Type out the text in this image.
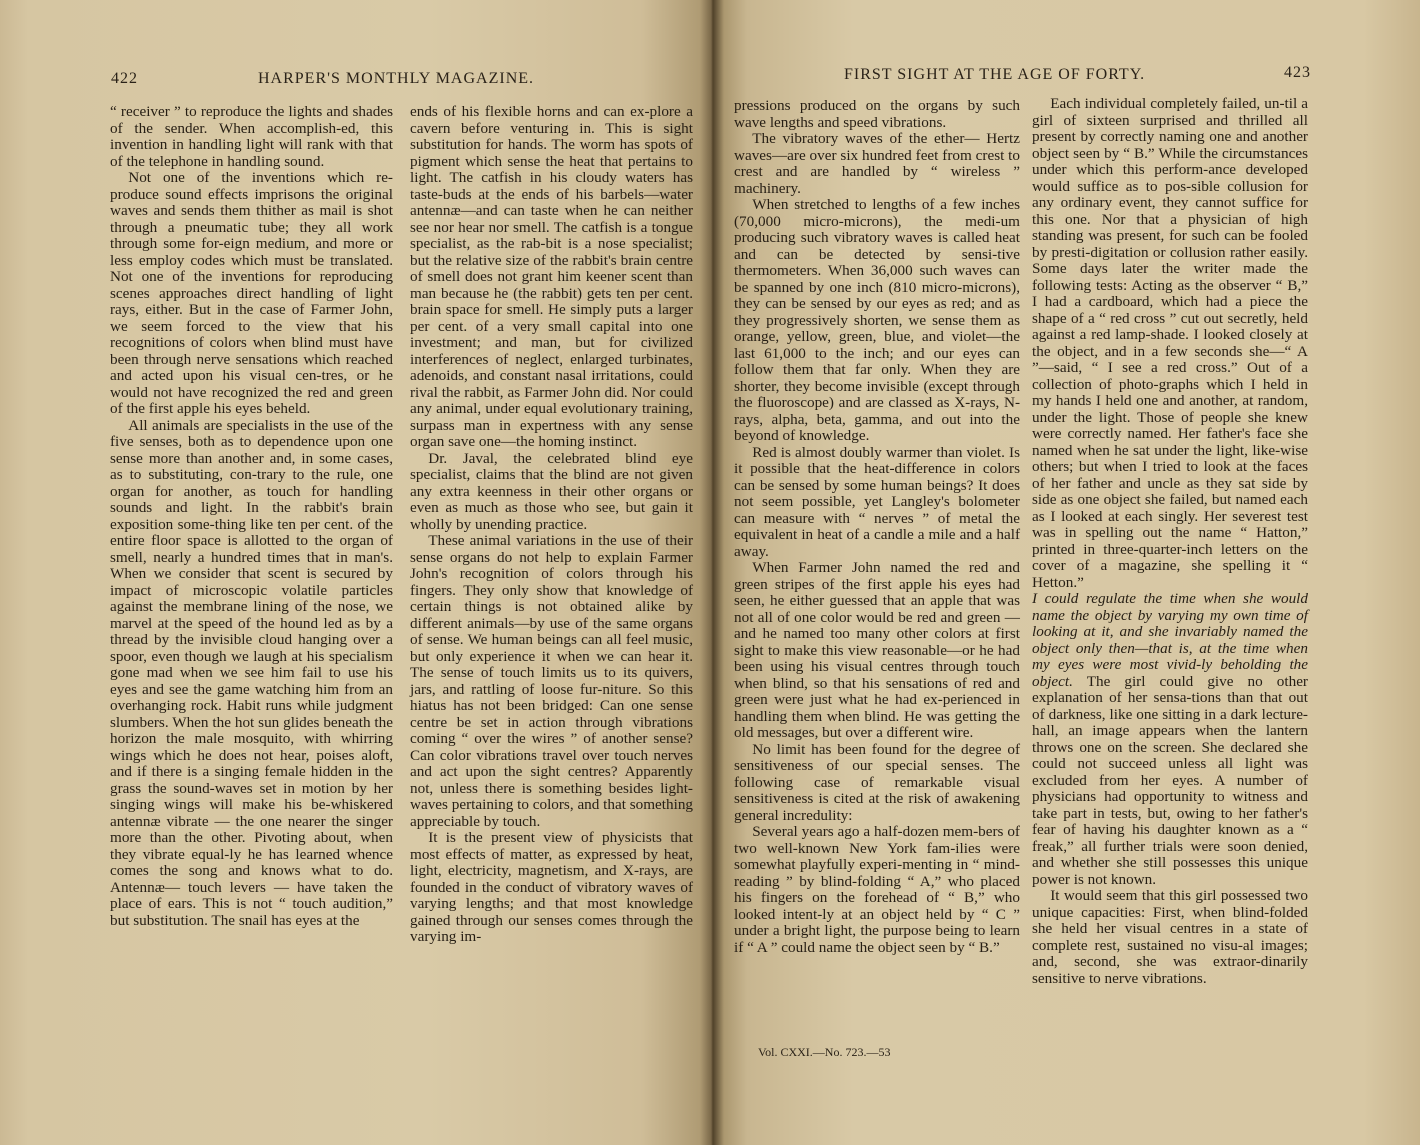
422	HARPER'S MONTHLY MAGAZINE.

“ receiver ” to reproduce the lights and shades of the sender. When accomplish-ed, this invention in handling light will rank with that of the telephone in handling sound.

Not one of the inventions which re-produce sound effects imprisons the original waves and sends them thither as mail is shot through a pneumatic tube; they all work through some for-eign medium, and more or less employ codes which must be translated. Not one of the inventions for reproducing scenes approaches direct handling of light rays, either. But in the case of Farmer John, we seem forced to the view that his recognitions of colors when blind must have been through nerve sensations which reached and acted upon his visual cen-tres, or he would not have recognized the red and green of the first apple his eyes beheld.

All animals are specialists in the use of the five senses, both as to dependence upon one sense more than another and, in some cases, as to substituting, con-trary to the rule, one organ for another, as touch for handling sounds and light. In the rabbit's brain exposition some-thing like ten per cent. of the entire floor space is allotted to the organ of smell, nearly a hundred times that in man's. When we consider that scent is secured by impact of microscopic volatile particles against the membrane lining of the nose, we marvel at the speed of the hound led as by a thread by the invisible cloud hanging over a spoor, even though we laugh at his specialism gone mad when we see him fail to use his eyes and see the game watching him from an overhanging rock. Habit runs while judgment slumbers. When the hot sun glides beneath the horizon the male mosquito, with whirring wings which he does not hear, poises aloft, and if there is a singing female hidden in the grass the sound-waves set in motion by her singing wings will make his be-whiskered antennæ vibrate — the one nearer the singer more than the other. Pivoting about, when they vibrate equal-ly he has learned whence comes the song and knows what to do. Antennæ— touch levers — have taken the place of ears. This is not “ touch audition,” but substitution. The snail has eyes at the

ends of his flexible horns and can ex-plore a cavern before venturing in. This is sight substitution for hands. The worm has spots of pigment which sense the heat that pertains to light. The catfish in his cloudy waters has taste-buds at the ends of his barbels—water antennæ—and can taste when he can neither see nor hear nor smell. The catfish is a tongue specialist, as the rab-bit is a nose specialist; but the relative size of the rabbit's brain centre of smell does not grant him keener scent than man because he (the rabbit) gets ten per cent. brain space for smell. He simply puts a larger per cent. of a very small capital into one investment; and man, but for civilized interferences of neglect, enlarged turbinates, adenoids, and constant nasal irritations, could rival the rabbit, as Farmer John did. Nor could any animal, under equal evolutionary training, surpass man in expertness with any sense organ save one—the homing instinct.

Dr. Javal, the celebrated blind eye specialist, claims that the blind are not given any extra keenness in their other organs or even as much as those who see, but gain it wholly by unending practice.

These animal variations in the use of their sense organs do not help to explain Farmer John's recognition of colors through his fingers. They only show that knowledge of certain things is not obtained alike by different animals—by use of the same organs of sense. We human beings can all feel music, but only experience it when we can hear it. The sense of touch limits us to its quivers, jars, and rattling of loose fur-niture. So this hiatus has not been bridged: Can one sense centre be set in action through vibrations coming “ over the wires ” of another sense? Can color vibrations travel over touch nerves and act upon the sight centres? Apparently not, unless there is something besides light-waves pertaining to colors, and that something appreciable by touch.

It is the present view of physicists that most effects of matter, as expressed by heat, light, electricity, magnetism, and X-rays, are founded in the conduct of vibratory waves of varying lengths; and that most knowledge gained through our senses comes through the varying im-

FIRST SIGHT AT THE AGE OF FORTY.	423

pressions produced on the organs by such wave lengths and speed vibrations.

The vibratory waves of the ether— Hertz waves—are over six hundred feet from crest to crest and are handled by “ wireless ” machinery.

When stretched to lengths of a few inches (70,000 micro-microns), the medi-um producing such vibratory waves is called heat and can be detected by sensi-tive thermometers. When 36,000 such waves can be spanned by one inch (810 micro-microns), they can be sensed by our eyes as red; and as they progressively shorten, we sense them as orange, yellow, green, blue, and violet—the last 61,000 to the inch; and our eyes can follow them that far only. When they are shorter, they become invisible (except through the fluoroscope) and are classed as X-rays, N-rays, alpha, beta, gamma, and out into the beyond of knowledge.

Red is almost doubly warmer than violet. Is it possible that the heat-difference in colors can be sensed by some human beings? It does not seem possible, yet Langley's bolometer can measure with “ nerves ” of metal the equivalent in heat of a candle a mile and a half away.

When Farmer John named the red and green stripes of the first apple his eyes had seen, he either guessed that an apple that was not all of one color would be red and green — and he named too many other colors at first sight to make this view reasonable—or he had been using his visual centres through touch when blind, so that his sensations of red and green were just what he had ex-perienced in handling them when blind. He was getting the old messages, but over a different wire.

No limit has been found for the degree of sensitiveness of our special senses. The following case of remarkable visual sensitiveness is cited at the risk of awakening general incredulity:

Several years ago a half-dozen mem-bers of two well-known New York fam-ilies were somewhat playfully experi-menting in “ mind-reading ” by blind-folding “ A,” who placed his fingers on the forehead of “ B,” who looked intent-ly at an object held by “ C ” under a bright light, the purpose being to learn if “ A ” could name the object seen by “ B.”

Each individual completely failed, un-til a girl of sixteen surprised and thrilled all present by correctly naming one and another object seen by “ B.” While the circumstances under which this perform-ance developed would suffice as to pos-sible collusion for any ordinary event, they cannot suffice for this one. Nor that a physician of high standing was present, for such can be fooled by presti-digitation or collusion rather easily. Some days later the writer made the following tests: Acting as the observer “ B,” I had a cardboard, which had a piece the shape of a “ red cross ” cut out secretly, held against a red lamp-shade. I looked closely at the object, and in a few seconds she—“ A ”—said, “ I see a red cross.” Out of a collection of photo-graphs which I held in my hands I held one and another, at random, under the light. Those of people she knew were correctly named. Her father's face she named when he sat under the light, like-wise others; but when I tried to look at the faces of her father and uncle as they sat side by side as one object she failed, but named each as I looked at each singly. Her severest test was in spelling out the name “ Hatton,” printed in three-quarter-inch letters on the cover of a magazine, she spelling it “ Hetton.”

I could regulate the time when she would name the object by varying my own time of looking at it, and she invariably named the object only then—that is, at the time when my eyes were most vivid-ly beholding the object. The girl could give no other explanation of her sensa-tions than that out of darkness, like one sitting in a dark lecture-hall, an image appears when the lantern throws one on the screen. She declared she could not succeed unless all light was excluded from her eyes. A number of physicians had opportunity to witness and take part in tests, but, owing to her father's fear of having his daughter known as a “ freak,” all further trials were soon denied, and whether she still possesses this unique power is not known.

It would seem that this girl possessed two unique capacities: First, when blind-folded she held her visual centres in a state of complete rest, sustained no visu-al images; and, second, she was extraor-dinarily sensitive to nerve vibrations.

Vol. CXXI.—No. 723.—53
